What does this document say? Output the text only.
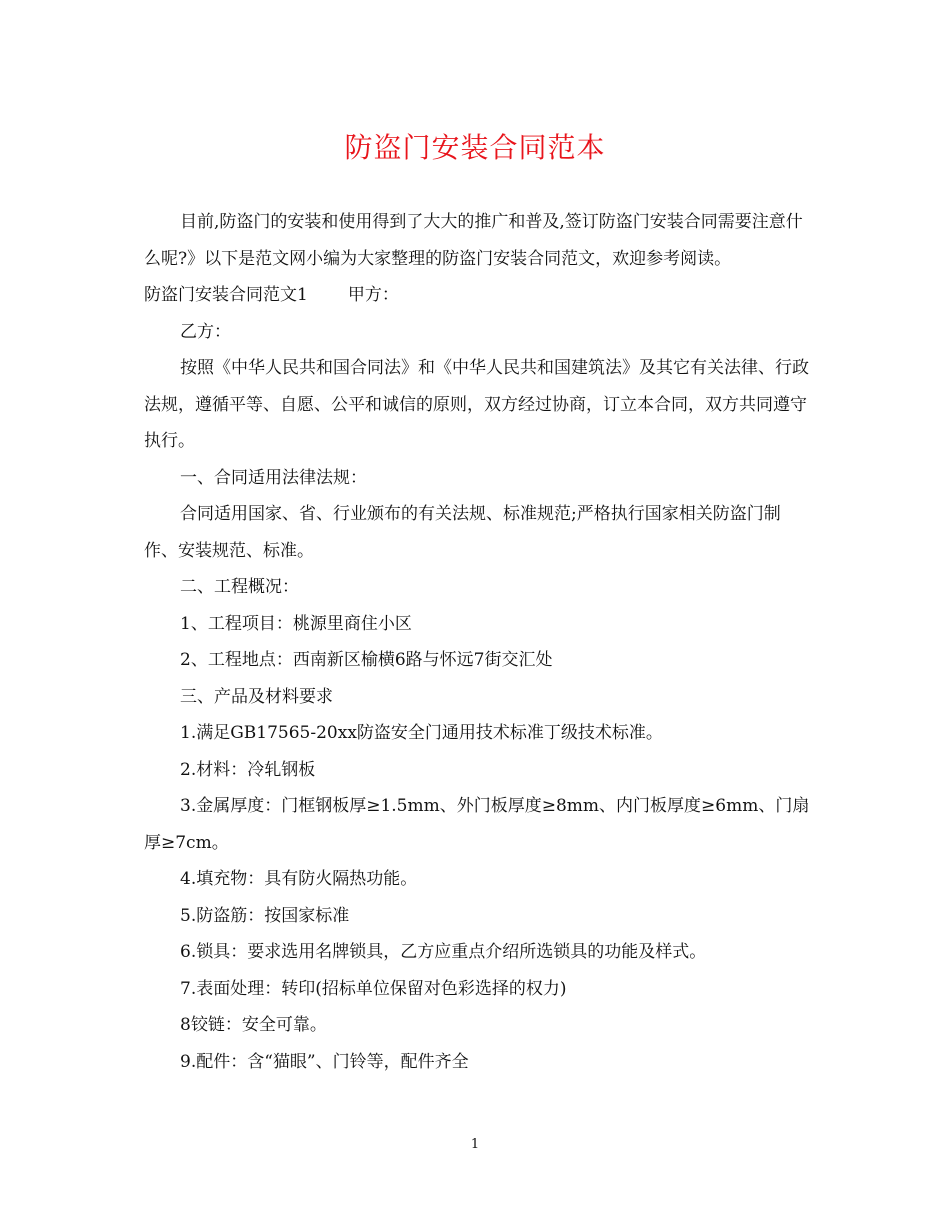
防盗门安装合同范本

目前,防盗门的安装和使用得到了大大的推广和普及,签订防盗门安装合同需要注意什么呢?》以下是范文网小编为大家整理的防盗门安装合同范文，欢迎参考阅读。

防盗门安装合同范文1 甲方：

乙方：

按照《中华人民共和国合同法》和《中华人民共和国建筑法》及其它有关法律、行政法规，遵循平等、自愿、公平和诚信的原则，双方经过协商，订立本合同，双方共同遵守执行。

一、合同适用法律法规：

合同适用国家、省、行业颁布的有关法规、标准规范;严格执行国家相关防盗门制作、安装规范、标准。

二、工程概况：

1、工程项目：桃源里商住小区

2、工程地点：西南新区榆横6路与怀远7街交汇处

三、产品及材料要求

1.满足GB17565-20xx防盗安全门通用技术标准丁级技术标准。

2.材料：冷轧钢板

3.金属厚度：门框钢板厚≥1.5mm、外门板厚度≥8mm、内门板厚度≥6mm、门扇厚≥7cm。

4.填充物：具有防火隔热功能。

5.防盗筋：按国家标准

6.锁具：要求选用名牌锁具，乙方应重点介绍所选锁具的功能及样式。

7.表面处理：转印(招标单位保留对色彩选择的权力)

8铰链：安全可靠。

9.配件：含“猫眼”、门铃等，配件齐全

1
